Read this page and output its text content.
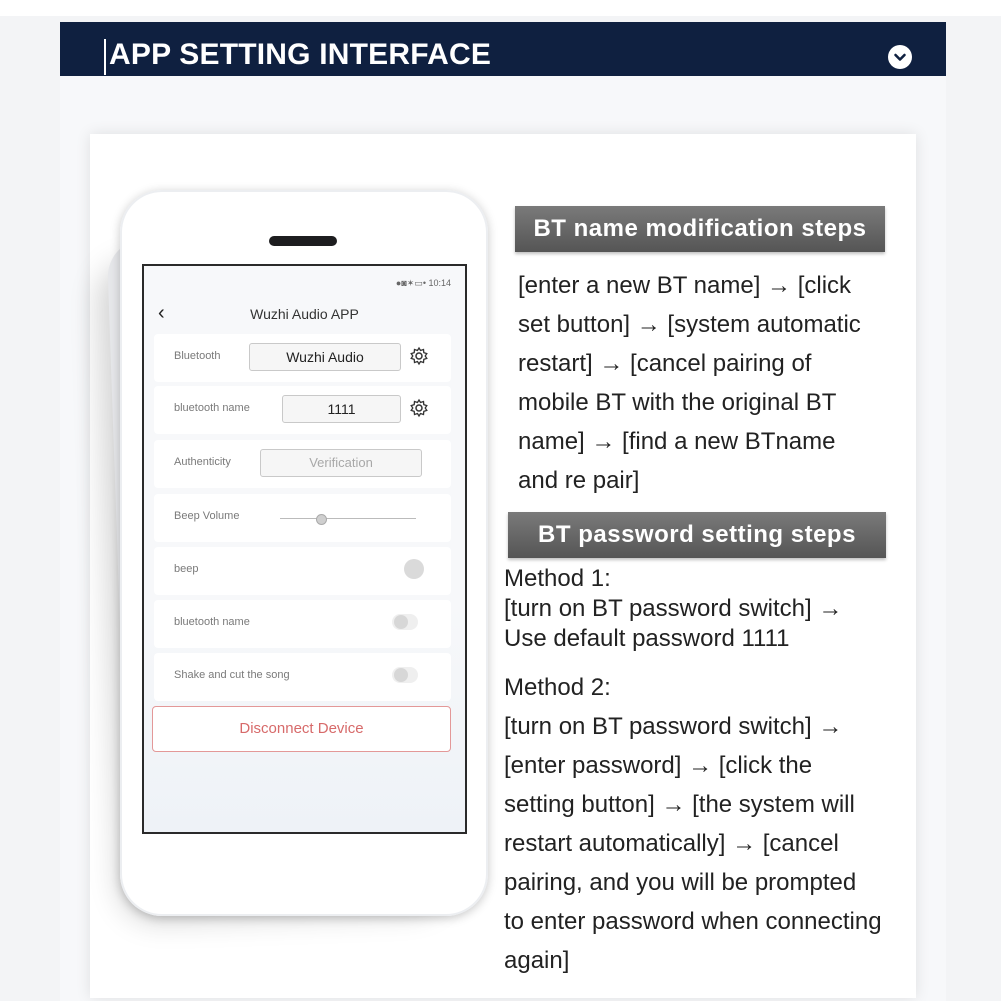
APP SETTING INTERFACE
●◙✶▭• 10:14
‹	Wuzhi Audio APP
Bluetooth	Wuzhi Audio
bluetooth name	1111
Authenticity	Verification
Beep Volume
beep
bluetooth name
Shake and cut the song
Disconnect Device
BT name modification steps
[enter a new BT name] → [click
set button] → [system automatic
restart] → [cancel pairing of
mobile BT with the original BT
name] → [find a new BTname
and re pair]
BT password setting steps
Method 1:
[turn on BT password switch] →
Use default password 1111
Method 2:
[turn on BT password switch] →
[enter password] → [click the
setting button] → [the system will
restart automatically] → [cancel
pairing, and you will be prompted
to enter password when connecting
again]
